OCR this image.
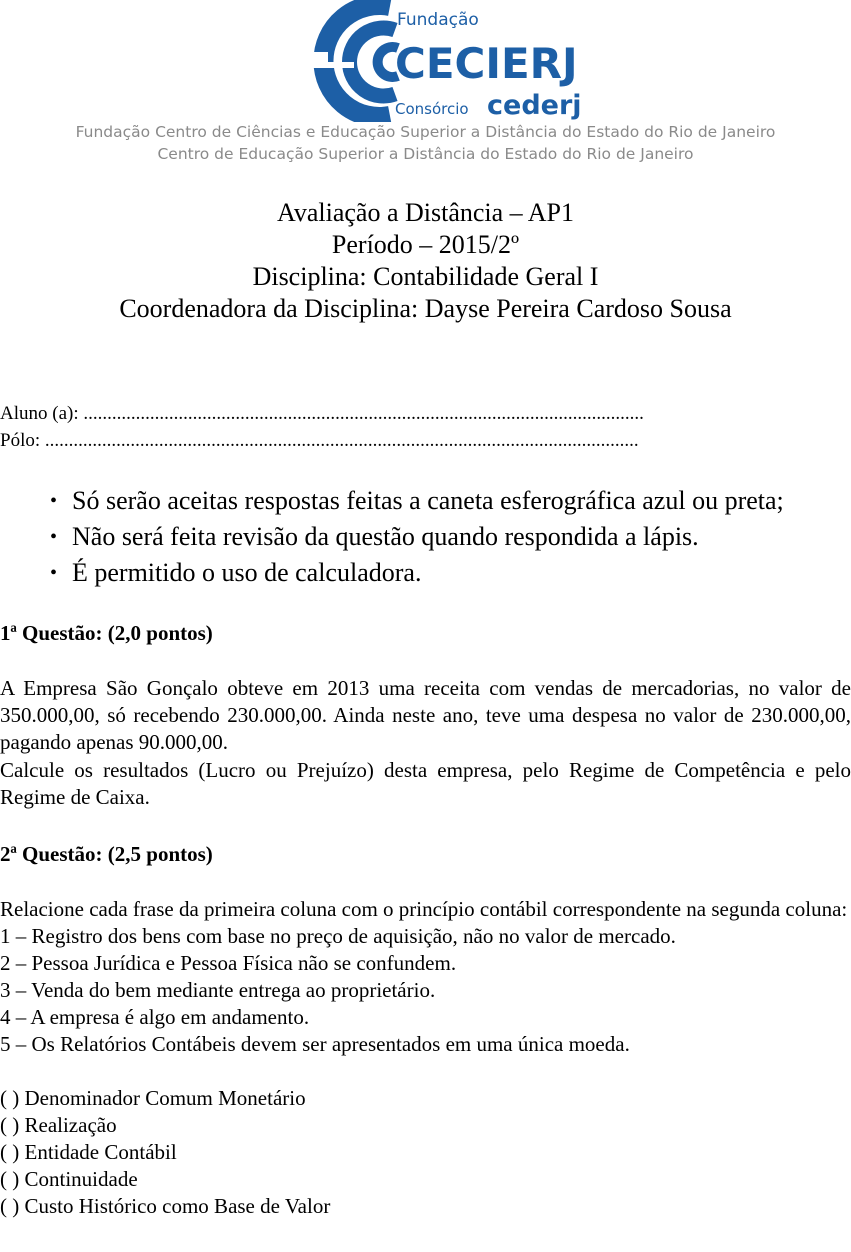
Fundação
CECIERJ
Consórcio cederj
Fundação Centro de Ciências e Educação Superior a Distância do Estado do Rio de Janeiro
Centro de Educação Superior a Distância do Estado do Rio de Janeiro
Avaliação a Distância – AP1
Período – 2015/2º
Disciplina: Contabilidade Geral I
Coordenadora da Disciplina: Dayse Pereira Cardoso Sousa
Aluno (a): ......................................................................................................................
Pólo: .............................................................................................................................
• Só serão aceitas respostas feitas a caneta esferográfica azul ou preta;
• Não será feita revisão da questão quando respondida a lápis.
• É permitido o uso de calculadora.
1ª Questão: (2,0 pontos)

A Empresa São Gonçalo obteve em 2013 uma receita com vendas de mercadorias, no valor de 350.000,00, só recebendo 230.000,00. Ainda neste ano, teve uma despesa no valor de 230.000,00, pagando apenas 90.000,00.

Calcule os resultados (Lucro ou Prejuízo) desta empresa, pelo Regime de Competência e pelo Regime de Caixa.

2ª Questão: (2,5 pontos)

Relacione cada frase da primeira coluna com o princípio contábil correspondente na segunda coluna:

1 – Registro dos bens com base no preço de aquisição, não no valor de mercado.

2 – Pessoa Jurídica e Pessoa Física não se confundem.

3 – Venda do bem mediante entrega ao proprietário.

4 – A empresa é algo em andamento.

5 – Os Relatórios Contábeis devem ser apresentados em uma única moeda.

( ) Denominador Comum Monetário

( ) Realização

( ) Entidade Contábil

( ) Continuidade

( ) Custo Histórico como Base de Valor
